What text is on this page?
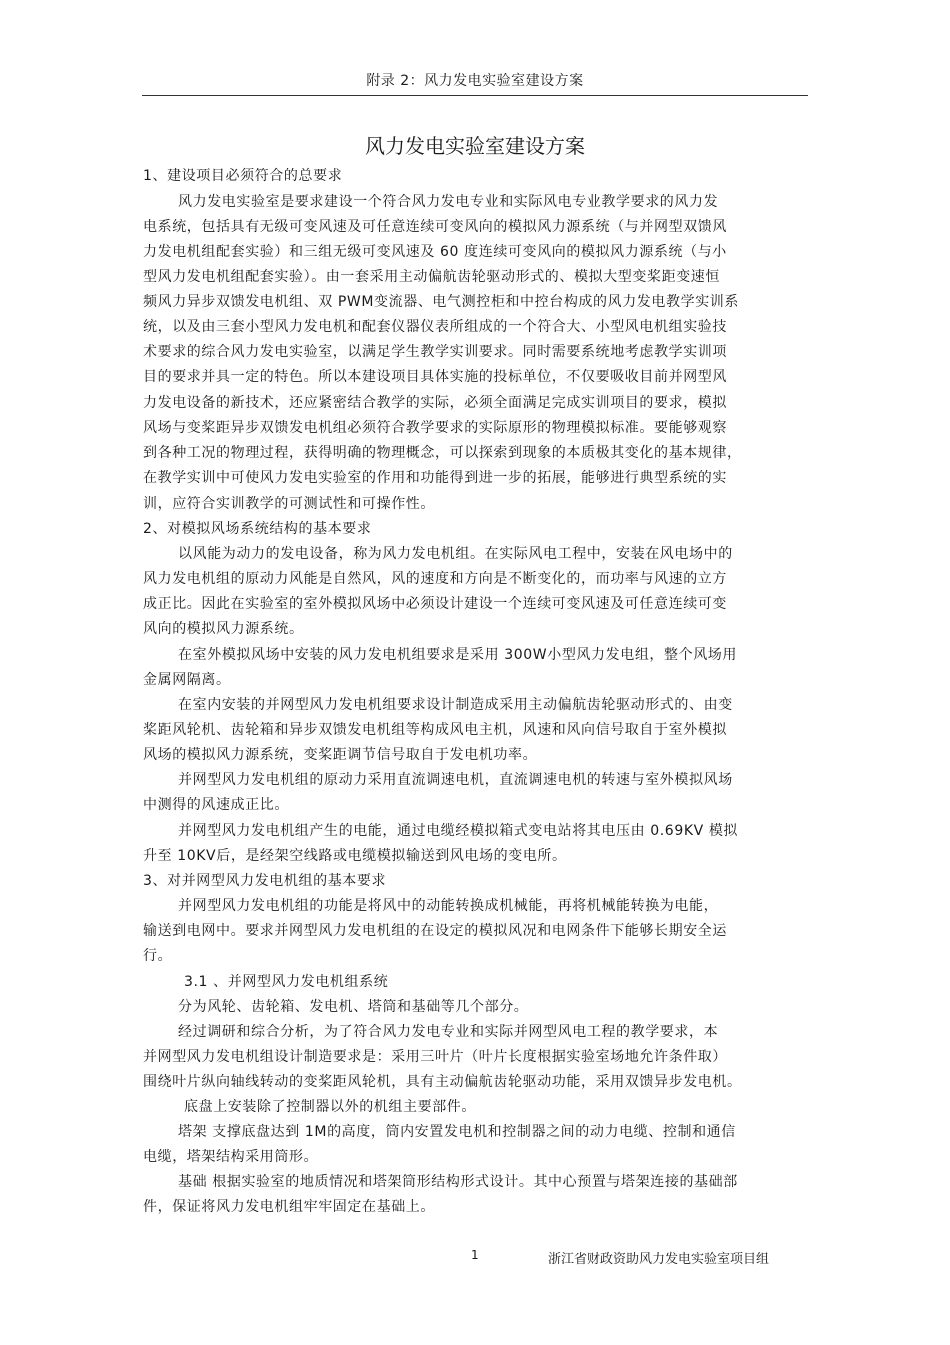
附录 2：风力发电实验室建设方案
风力发电实验室建设方案
1、建设项目必须符合的总要求
风力发电实验室是要求建设一个符合风力发电专业和实际风电专业教学要求的风力发
电系统，包括具有无级可变风速及可任意连续可变风向的模拟风力源系统（与并网型双馈风
力发电机组配套实验）和三组无级可变风速及 60 度连续可变风向的模拟风力源系统（与小
型风力发电机组配套实验）。由一套采用主动偏航齿轮驱动形式的、模拟大型变桨距变速恒
频风力异步双馈发电机组、双 PWM变流器、电气测控柜和中控台构成的风力发电教学实训系
统，以及由三套小型风力发电机和配套仪器仪表所组成的一个符合大、小型风电机组实验技
术要求的综合风力发电实验室，以满足学生教学实训要求。同时需要系统地考虑教学实训项
目的要求并具一定的特色。所以本建设项目具体实施的投标单位，不仅要吸收目前并网型风
力发电设备的新技术，还应紧密结合教学的实际，必须全面满足完成实训项目的要求，模拟
风场与变桨距异步双馈发电机组必须符合教学要求的实际原形的物理模拟标准。要能够观察
到各种工况的物理过程，获得明确的物理概念，可以探索到现象的本质极其变化的基本规律，
在教学实训中可使风力发电实验室的作用和功能得到进一步的拓展，能够进行典型系统的实
训，应符合实训教学的可测试性和可操作性。
2、对模拟风场系统结构的基本要求
以风能为动力的发电设备，称为风力发电机组。在实际风电工程中，安装在风电场中的
风力发电机组的原动力风能是自然风，风的速度和方向是不断变化的，而功率与风速的立方
成正比。因此在实验室的室外模拟风场中必须设计建设一个连续可变风速及可任意连续可变
风向的模拟风力源系统。
在室外模拟风场中安装的风力发电机组要求是采用 300W小型风力发电组，整个风场用
金属网隔离。
在室内安装的并网型风力发电机组要求设计制造成采用主动偏航齿轮驱动形式的、由变
桨距风轮机、齿轮箱和异步双馈发电机组等构成风电主机，风速和风向信号取自于室外模拟
风场的模拟风力源系统，变桨距调节信号取自于发电机功率。
并网型风力发电机组的原动力采用直流调速电机，直流调速电机的转速与室外模拟风场
中测得的风速成正比。
并网型风力发电机组产生的电能，通过电缆经模拟箱式变电站将其电压由 0.69KV 模拟
升至 10KV后，是经架空线路或电缆模拟输送到风电场的变电所。
3、对并网型风力发电机组的基本要求
并网型风力发电机组的功能是将风中的动能转换成机械能，再将机械能转换为电能，
输送到电网中。要求并网型风力发电机组的在设定的模拟风况和电网条件下能够长期安全运
行。
3.1 、并网型风力发电机组系统
分为风轮、齿轮箱、发电机、塔筒和基础等几个部分。
经过调研和综合分析，为了符合风力发电专业和实际并网型风电工程的教学要求，本
并网型风力发电机组设计制造要求是：采用三叶片（叶片长度根据实验室场地允许条件取）
围绕叶片纵向轴线转动的变桨距风轮机，具有主动偏航齿轮驱动功能，采用双馈异步发电机。
底盘上安装除了控制器以外的机组主要部件。
塔架 支撑底盘达到 1M的高度，筒内安置发电机和控制器之间的动力电缆、控制和通信
电缆，塔架结构采用筒形。
基础 根据实验室的地质情况和塔架筒形结构形式设计。其中心预置与塔架连接的基础部
件，保证将风力发电机组牢牢固定在基础上。
1	浙江省财政资助风力发电实验室项目组
